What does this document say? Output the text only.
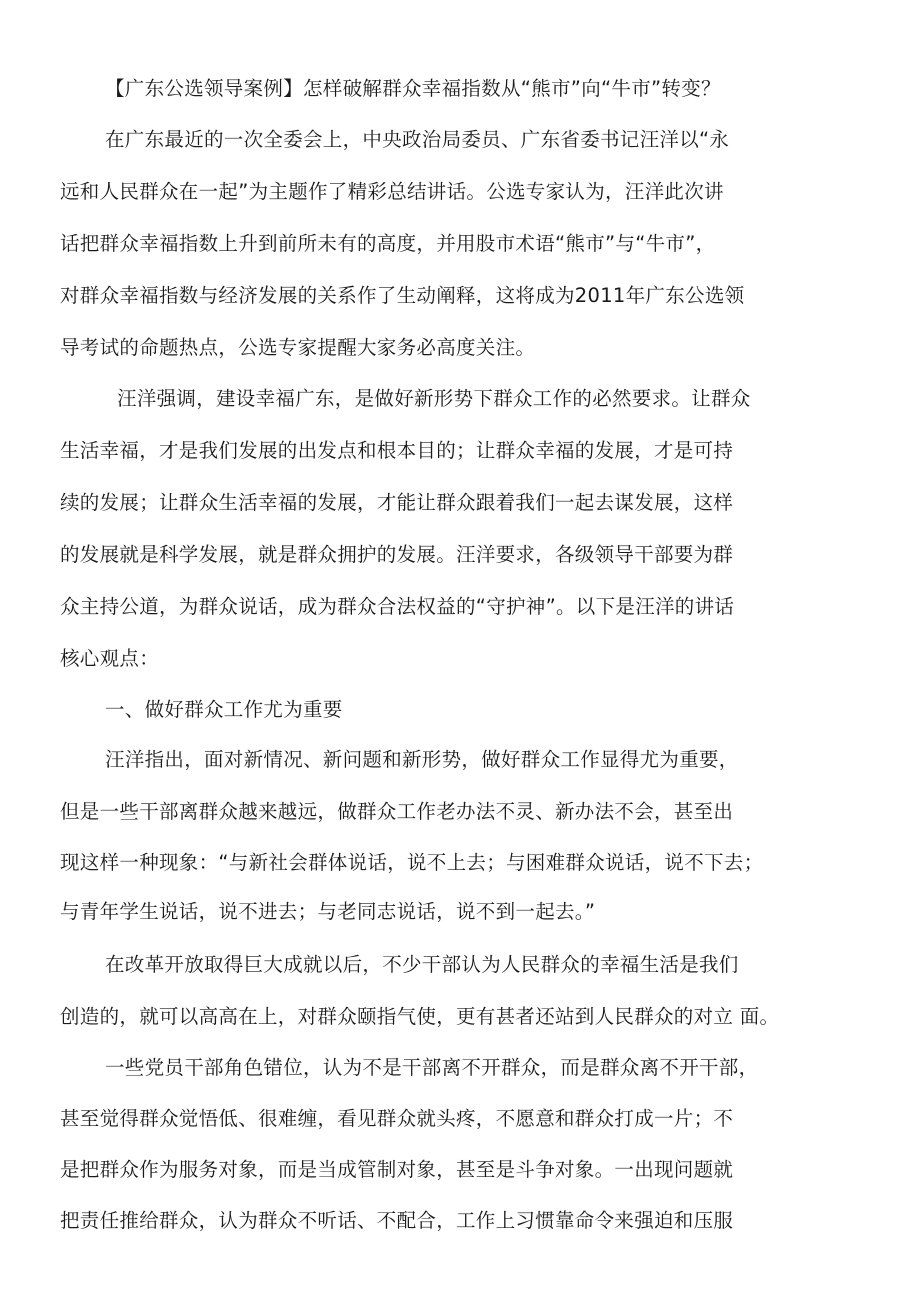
【广东公选领导案例】怎样破解群众幸福指数从“熊市”向“牛市”转变？
在广东最近的一次全委会上，中央政治局委员、广东省委书记汪洋以“永
远和人民群众在一起”为主题作了精彩总结讲话。公选专家认为，汪洋此次讲
话把群众幸福指数上升到前所未有的高度，并用股市术语“熊市”与“牛市”，
对群众幸福指数与经济发展的关系作了生动阐释，这将成为2011年广东公选领
导考试的命题热点，公选专家提醒大家务必高度关注。
汪洋强调，建设幸福广东，是做好新形势下群众工作的必然要求。让群众
生活幸福，才是我们发展的出发点和根本目的；让群众幸福的发展，才是可持
续的发展；让群众生活幸福的发展，才能让群众跟着我们一起去谋发展，这样
的发展就是科学发展，就是群众拥护的发展。汪洋要求，各级领导干部要为群
众主持公道，为群众说话，成为群众合法权益的“守护神”。以下是汪洋的讲话
核心观点：
一、做好群众工作尤为重要
汪洋指出，面对新情况、新问题和新形势，做好群众工作显得尤为重要，
但是一些干部离群众越来越远，做群众工作老办法不灵、新办法不会，甚至出
现这样一种现象：“与新社会群体说话，说不上去；与困难群众说话，说不下去；
与青年学生说话，说不进去；与老同志说话，说不到一起去。”
在改革开放取得巨大成就以后，不少干部认为人民群众的幸福生活是我们
创造的，就可以高高在上，对群众颐指气使，更有甚者还站到人民群众的对立 面。
一些党员干部角色错位，认为不是干部离不开群众，而是群众离不开干部，
甚至觉得群众觉悟低、很难缠，看见群众就头疼，不愿意和群众打成一片；不
是把群众作为服务对象，而是当成管制对象，甚至是斗争对象。一出现问题就
把责任推给群众，认为群众不听话、不配合，工作上习惯靠命令来强迫和压服
